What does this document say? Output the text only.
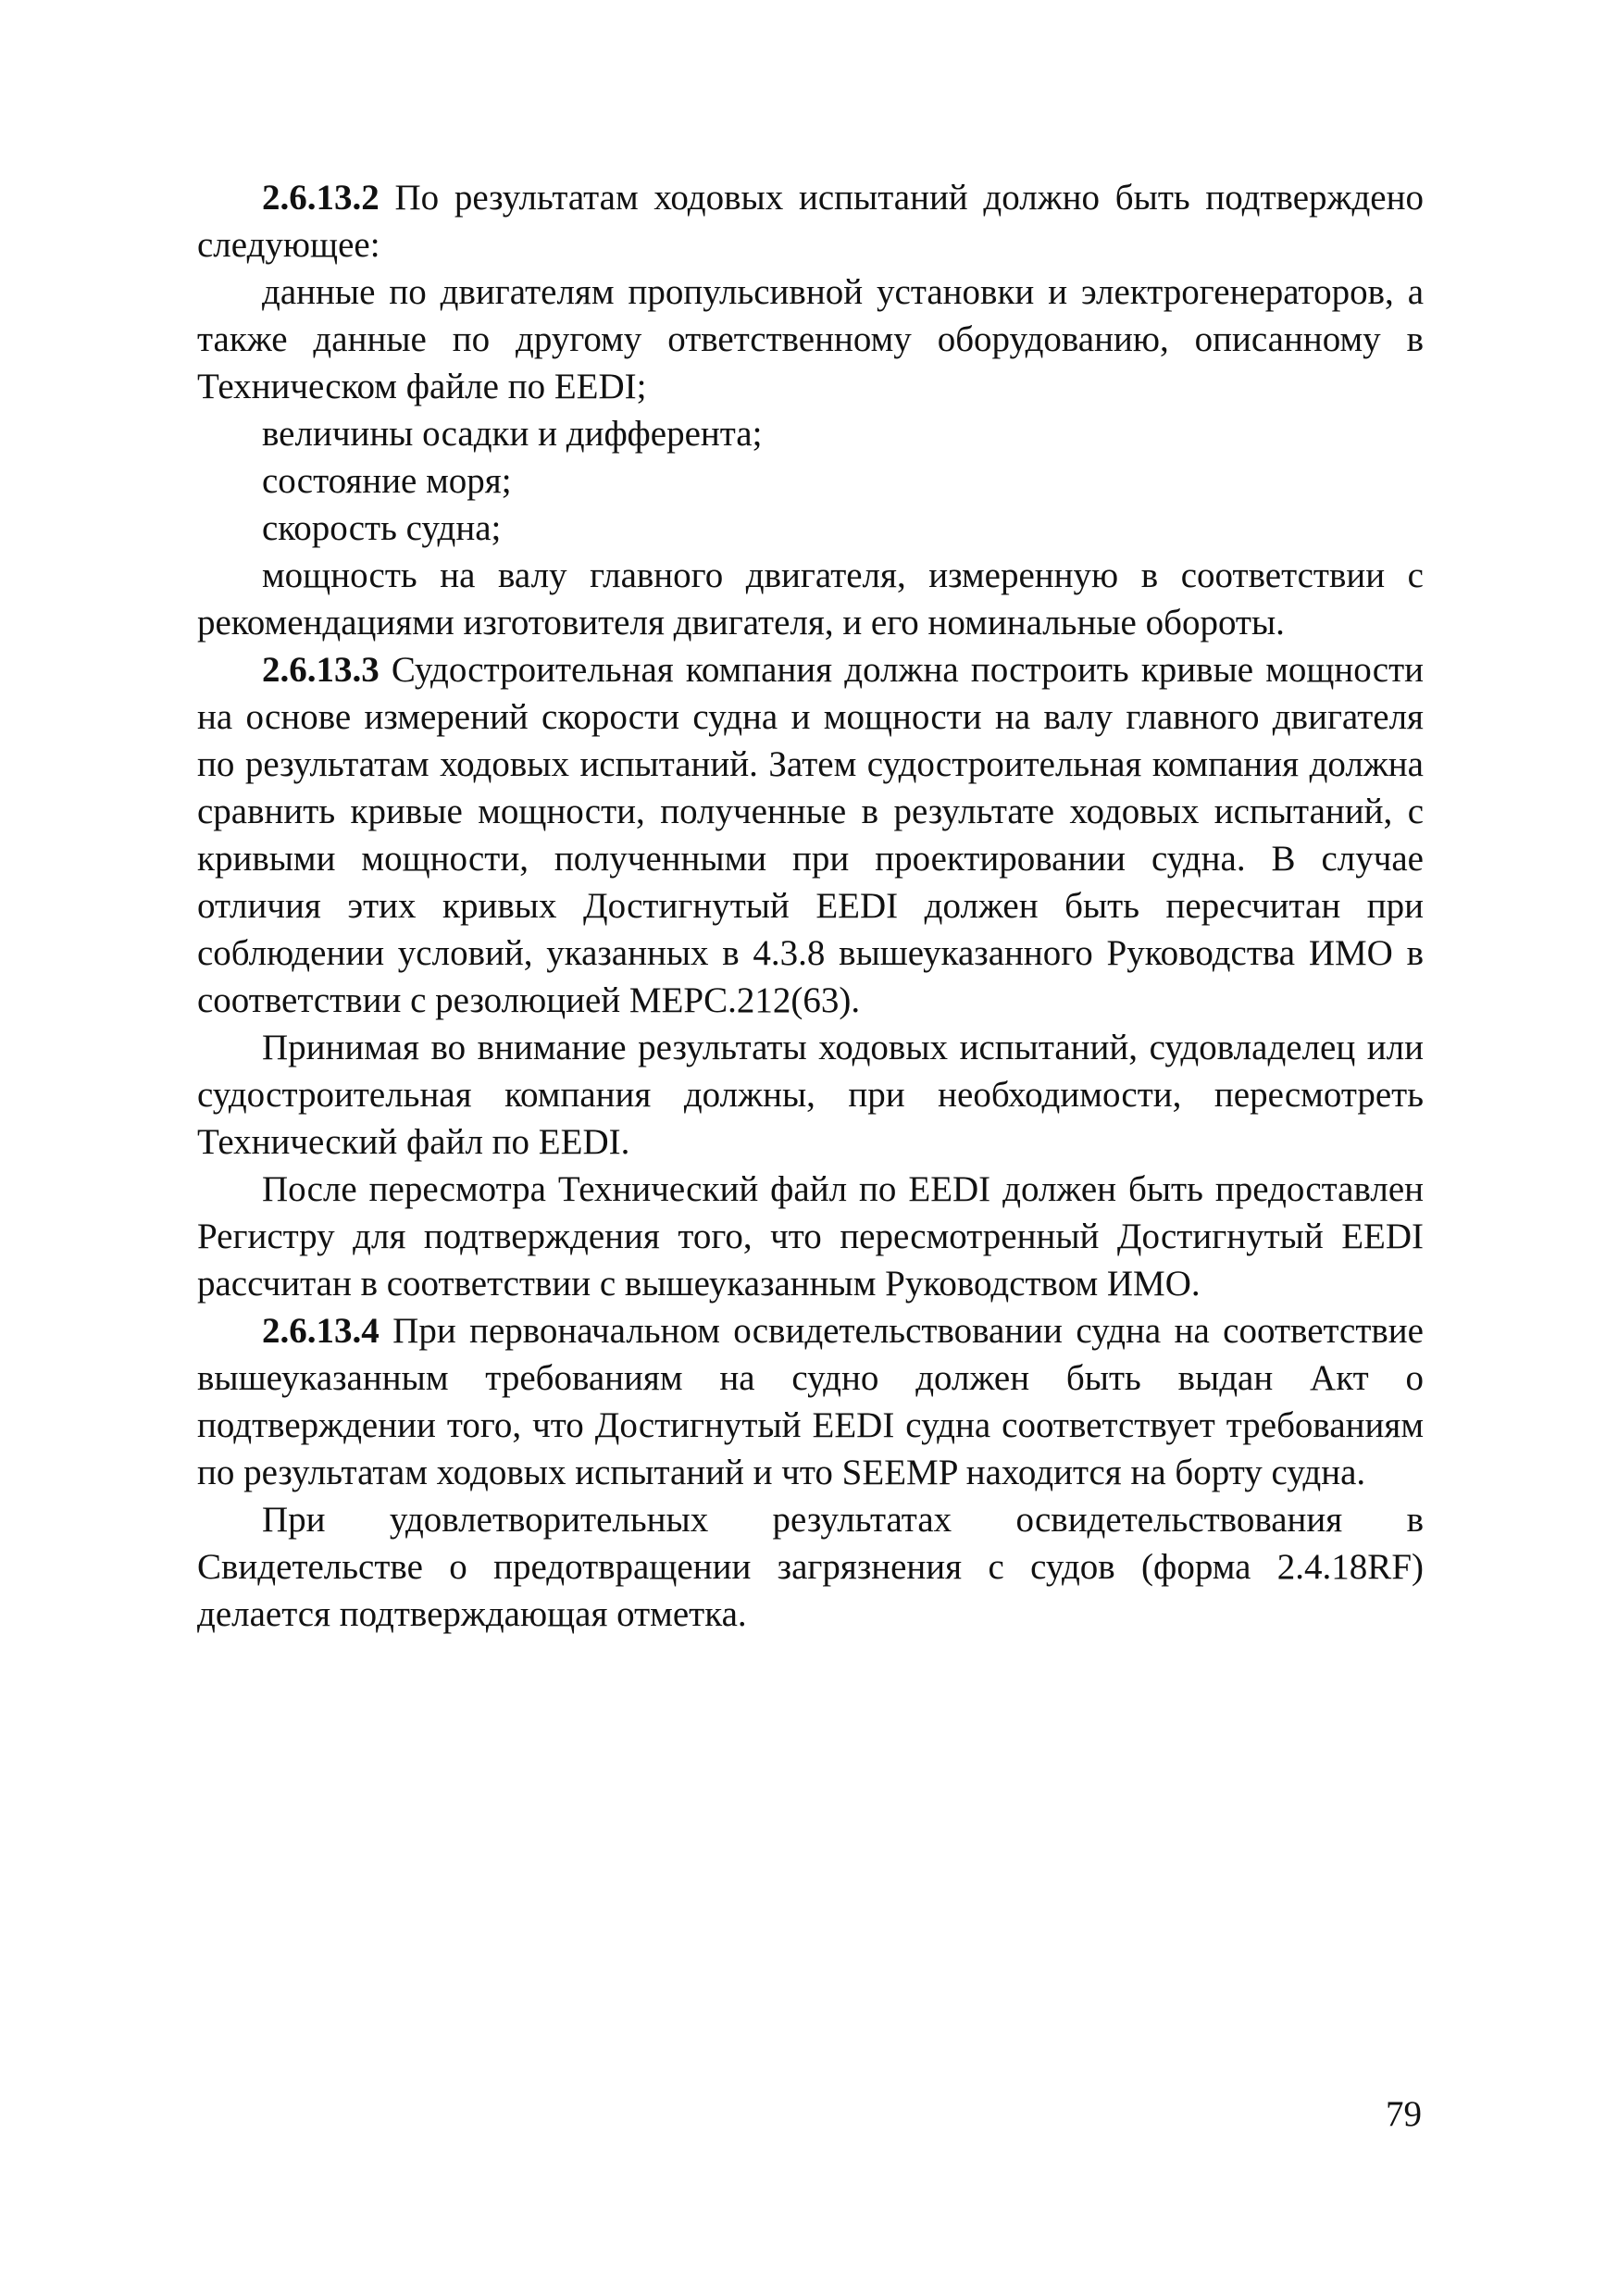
2.6.13.2 По результатам ходовых испытаний должно быть подтверждено следующее:

данные по двигателям пропульсивной установки и электрогенераторов, а также данные по другому ответственному оборудованию, описанному в Техническом файле по EEDI;

величины осадки и дифферента;

состояние моря;

скорость судна;

мощность на валу главного двигателя, измеренную в соответствии с рекомендациями изготовителя двигателя, и его номинальные обороты.

2.6.13.3 Судостроительная компания должна построить кривые мощности на основе измерений скорости судна и мощности на валу главного двигателя по результатам ходовых испытаний. Затем судостроительная компания должна сравнить кривые мощности, полученные в результате ходовых испытаний, с кривыми мощности, полученными при проектировании судна. В случае отличия этих кривых Достигнутый EEDI должен быть пересчитан при соблюдении условий, указанных в 4.3.8 вышеуказанного Руководства ИМО в соответствии с резолюцией MEPC.212(63).

Принимая во внимание результаты ходовых испытаний, судовладелец или судостроительная компания должны, при необходимости, пересмотреть Технический файл по EEDI.

После пересмотра Технический файл по EEDI должен быть предоставлен Регистру для подтверждения того, что пересмотренный Достигнутый EEDI рассчитан в соответствии с вышеуказанным Руководством ИМО.

2.6.13.4 При первоначальном освидетельствовании судна на соответствие вышеуказанным требованиям на судно должен быть выдан Акт о подтверждении того, что Достигнутый EEDI судна соответствует требованиям по результатам ходовых испытаний и что SEEMP находится на борту судна.

При удовлетворительных результатах освидетельствования в Свидетельстве о предотвращении загрязнения с судов (форма 2.4.18RF) делается подтверждающая отметка.

79
